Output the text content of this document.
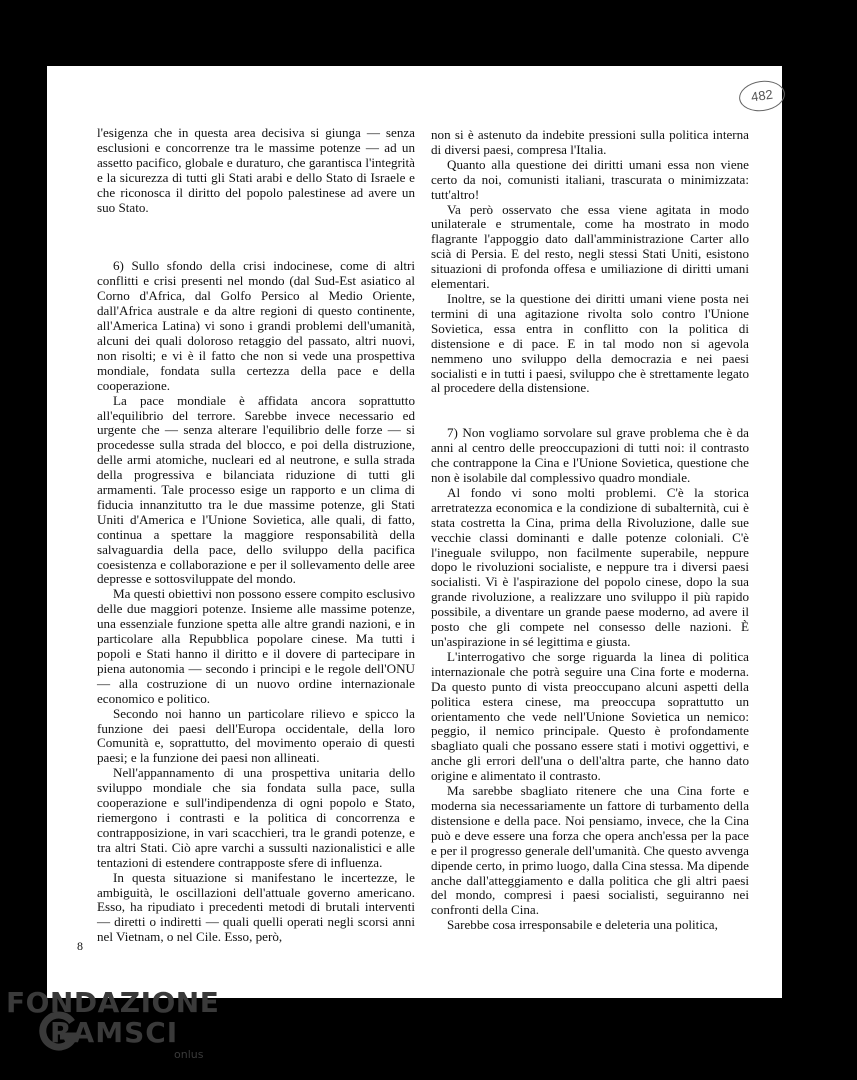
482

l'esigenza che in questa area decisiva si giunga — senza esclusioni e concorrenze tra le massime potenze — ad un assetto pacifico, globale e duraturo, che garantisca l'integrità e la sicurezza di tutti gli Stati arabi e dello Stato di Israele e che riconosca il diritto del popolo palestinese ad avere un suo Stato.

6) Sullo sfondo della crisi indocinese, come di altri conflitti e crisi presenti nel mondo (dal Sud-Est asiatico al Corno d'Africa, dal Golfo Persico al Medio Oriente, dall'Africa australe e da altre regioni di questo continente, all'America Latina) vi sono i grandi problemi dell'umanità, alcuni dei quali doloroso retaggio del passato, altri nuovi, non risolti; e vi è il fatto che non si vede una prospettiva mondiale, fondata sulla certezza della pace e della cooperazione.

La pace mondiale è affidata ancora soprattutto all'equilibrio del terrore. Sarebbe invece necessario ed urgente che — senza alterare l'equilibrio delle forze — si procedesse sulla strada del blocco, e poi della distruzione, delle armi atomiche, nucleari ed al neutrone, e sulla strada della progressiva e bilanciata riduzione di tutti gli armamenti. Tale processo esige un rapporto e un clima di fiducia innanzitutto tra le due massime potenze, gli Stati Uniti d'America e l'Unione Sovietica, alle quali, di fatto, continua a spettare la maggiore responsabilità della salvaguardia della pace, dello sviluppo della pacifica coesistenza e collaborazione e per il sollevamento delle aree depresse e sottosviluppate del mondo.

Ma questi obiettivi non possono essere compito esclusivo delle due maggiori potenze. Insieme alle massime potenze, una essenziale funzione spetta alle altre grandi nazioni, e in particolare alla Repubblica popolare cinese. Ma tutti i popoli e Stati hanno il diritto e il dovere di partecipare in piena autonomia — secondo i principi e le regole dell'ONU — alla costruzione di un nuovo ordine internazionale economico e politico.

Secondo noi hanno un particolare rilievo e spicco la funzione dei paesi dell'Europa occidentale, della loro Comunità e, soprattutto, del movimento operaio di questi paesi; e la funzione dei paesi non allineati.

Nell'appannamento di una prospettiva unitaria dello sviluppo mondiale che sia fondata sulla pace, sulla cooperazione e sull'indipendenza di ogni popolo e Stato, riemergono i contrasti e la politica di concorrenza e contrapposizione, in vari scacchieri, tra le grandi potenze, e tra altri Stati. Ciò apre varchi a sussulti nazionalistici e alle tentazioni di estendere contrapposte sfere di influenza.

In questa situazione si manifestano le incertezze, le ambiguità, le oscillazioni dell'attuale governo americano. Esso, ha ripudiato i precedenti metodi di brutali interventi — diretti o indiretti — quali quelli operati negli scorsi anni nel Vietnam, o nel Cile. Esso, però,

non si è astenuto da indebite pressioni sulla politica interna di diversi paesi, compresa l'Italia.

Quanto alla questione dei diritti umani essa non viene certo da noi, comunisti italiani, trascurata o minimizzata: tutt'altro!

Va però osservato che essa viene agitata in modo unilaterale e strumentale, come ha mostrato in modo flagrante l'appoggio dato dall'amministrazione Carter allo scià di Persia. E del resto, negli stessi Stati Uniti, esistono situazioni di profonda offesa e umiliazione di diritti umani elementari.

Inoltre, se la questione dei diritti umani viene posta nei termini di una agitazione rivolta solo contro l'Unione Sovietica, essa entra in conflitto con la politica di distensione e di pace. E in tal modo non si agevola nemmeno uno sviluppo della democrazia e nei paesi socialisti e in tutti i paesi, sviluppo che è strettamente legato al procedere della distensione.

7) Non vogliamo sorvolare sul grave problema che è da anni al centro delle preoccupazioni di tutti noi: il contrasto che contrappone la Cina e l'Unione Sovietica, questione che non è isolabile dal complessivo quadro mondiale.

Al fondo vi sono molti problemi. C'è la storica arretratezza economica e la condizione di subalternità, cui è stata costretta la Cina, prima della Rivoluzione, dalle sue vecchie classi dominanti e dalle potenze coloniali. C'è l'ineguale sviluppo, non facilmente superabile, neppure dopo le rivoluzioni socialiste, e neppure tra i diversi paesi socialisti. Vi è l'aspirazione del popolo cinese, dopo la sua grande rivoluzione, a realizzare uno sviluppo il più rapido possibile, a diventare un grande paese moderno, ad avere il posto che gli compete nel consesso delle nazioni. È un'aspirazione in sé legittima e giusta.

L'interrogativo che sorge riguarda la linea di politica internazionale che potrà seguire una Cina forte e moderna. Da questo punto di vista preoccupano alcuni aspetti della politica estera cinese, ma preoccupa soprattutto un orientamento che vede nell'Unione Sovietica un nemico: peggio, il nemico principale. Questo è profondamente sbagliato quali che possano essere stati i motivi oggettivi, e anche gli errori dell'una o dell'altra parte, che hanno dato origine e alimentato il contrasto.

Ma sarebbe sbagliato ritenere che una Cina forte e moderna sia necessariamente un fattore di turbamento della distensione e della pace. Noi pensiamo, invece, che la Cina può e deve essere una forza che opera anch'essa per la pace e per il progresso generale dell'umanità. Che questo avvenga dipende certo, in primo luogo, dalla Cina stessa. Ma dipende anche dall'atteggiamento e dalla politica che gli altri paesi del mondo, compresi i paesi socialisti, seguiranno nei confronti della Cina.

Sarebbe cosa irresponsabile e deleteria una politica,

8
FONDAZIONE
RAMSCI
onlus
